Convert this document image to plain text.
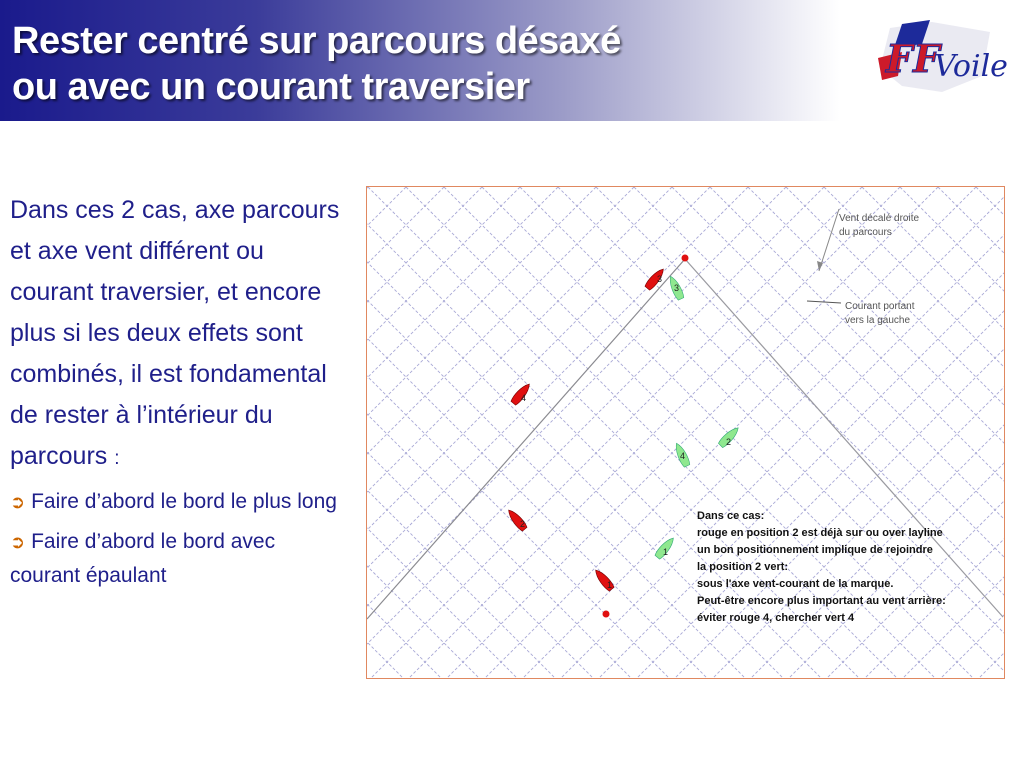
Rester centré sur parcours désaxé
ou avec un courant traversier
FF
Voile

Dans ces 2 cas, axe parcours et axe vent différent ou courant traversier, et encore plus si les deux effets sont combinés, il est fondamental de rester à l’intérieur du parcours :

➲ Faire d’abord le bord le plus long

➲ Faire d’abord le bord avec courant épaulant

Vent décalé droite
du parcours
Courant portant
vers la gauche
3
4
2
1
3
2
4
1
Dans ce cas:
rouge en position 2 est déjà sur ou over layline
un bon positionnement implique de rejoindre
la position 2 vert:
sous l'axe vent-courant de la marque.
Peut-être encore plus important au vent arrière:
éviter rouge 4, chercher vert 4
